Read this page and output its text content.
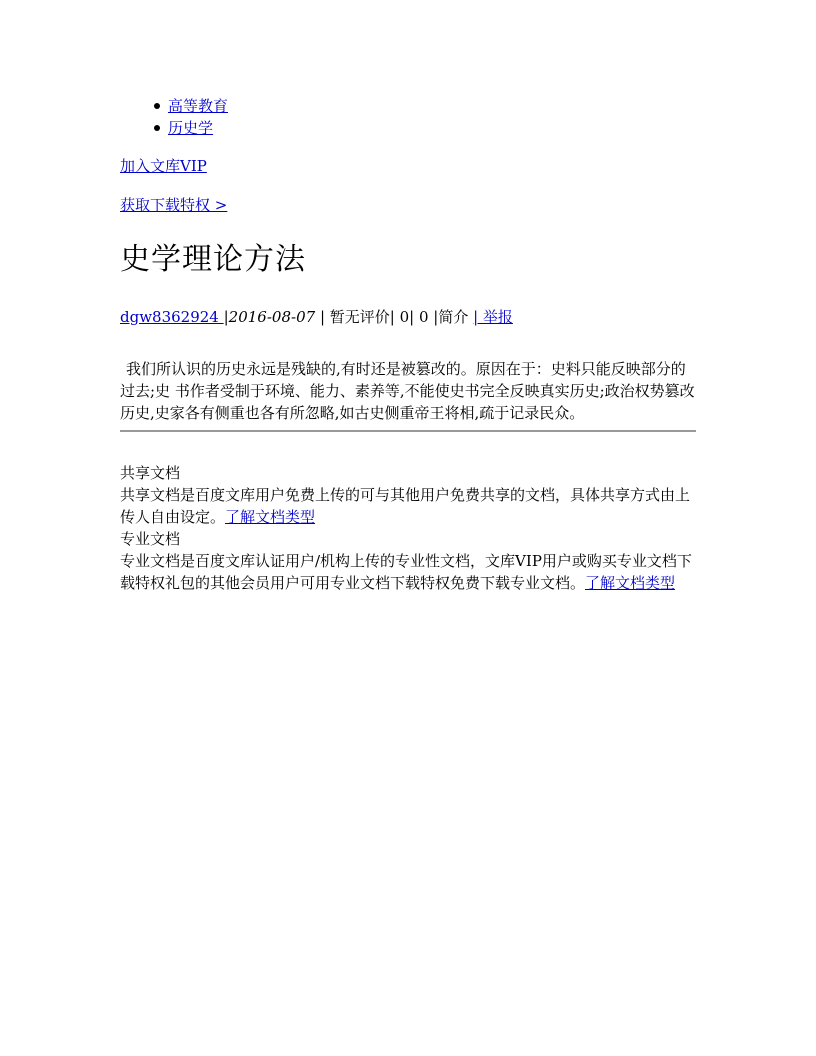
高等教育
历史学
加入文库VIP
获取下载特权 >
史学理论方法
dgw8362924 |2016-08-07 | 暂无评价| 0| 0 |简介 | 举报

我们所认识的历史永远是残缺的,有时还是被篡改的。原因在于：史料只能反映部分的过去;史 书作者受制于环境、能力、素养等,不能使史书完全反映真实历史;政治权势篡改历史,史家各有侧重也各有所忽略,如古史侧重帝王将相,疏于记录民众。

共享文档

共享文档是百度文库用户免费上传的可与其他用户免费共享的文档，具体共享方式由上传人自由设定。了解文档类型

专业文档

专业文档是百度文库认证用户/机构上传的专业性文档，文库VIP用户或购买专业文档下载特权礼包的其他会员用户可用专业文档下载特权免费下载专业文档。了解文档类型
